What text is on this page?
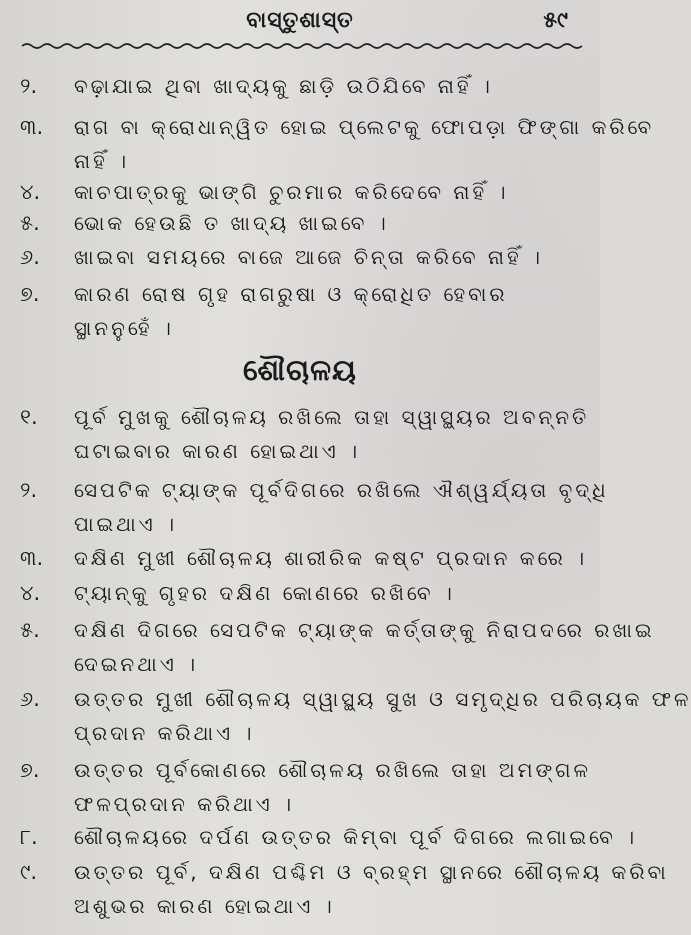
ବାସ୍ତୁଶାସ୍ତ	୫୯
୨.	ବଢ଼ାଯାଇ ଥିବା ଖାଦ୍ୟକୁ ଛାଡ଼ି ଉଠିଯିବେ ନାହିଁ ।
୩.	ରାଗ ବା କ୍ରୋଧାନ୍ୱିତ ହୋଇ ପ୍ଲେଟକୁ ଫୋପଡ଼ା ଫିଙ୍ଗା କରିବେ
ନାହିଁ ।
୪.	କାଚପାତ୍ରକୁ ଭାଙ୍ଗି ଚୁରମାର କରିଦେବେ ନାହିଁ ।
୫.	ଭୋକ ହେଉଛି ତ ଖାଦ୍ୟ ଖାଇବେ ।
୬.	ଖାଇବା ସମୟରେ ବାଜେ ଆଜେ ଚିନ୍ତା କରିବେ ନାହିଁ ।
୭.	କାରଣ ରୋଷ ଗୃହ ରାଗରୁଷା ଓ କ୍ରୋଧିତ ହେବାର
ସ୍ଥାନନୁହେଁ ।
ଶୌଚାଳୟ
୧.	ପୂର୍ବ ମୁଖକୁ ଶୌଚାଳୟ ରଖିଲେ ତାହା ସ୍ୱାସ୍ଥ୍ୟର ଅବନ୍ନତି
ଘଟାଇବାର କାରଣ ହୋଇଥାଏ ।
୨.	ସେପଟିକ ଟ୍ୟାଙ୍କ ପୂର୍ବଦିଗରେ ରଖିଲେ ଐଶ୍ୱର୍ଯ୍ୟତା ବୃଦ୍ଧି
ପାଇଥାଏ ।
୩.	ଦକ୍ଷିଣ ମୁଖୀ ଶୌଚାଳୟ ଶାରୀରିକ କଷ୍ଟ ପ୍ରଦାନ କରେ ।
୪.	ଟ୍ୟାନ୍‌କୁ ଗୃହର ଦକ୍ଷିଣ କୋଣରେ ରଖିବେ ।
୫.	ଦକ୍ଷିଣ ଦିଗରେ ସେପଟିକ ଟ୍ୟାଙ୍କ କର୍ତ୍ତାଙ୍କୁ ନିରାପଦରେ ରଖାଇ
ଦେଇନଥାଏ ।
୬.	ଉତ୍ତର ମୁଖୀ ଶୌଚାଳୟ ସ୍ୱାସ୍ଥ୍ୟ ସୁଖ ଓ ସମୃଦ୍ଧିର ପରିଚାୟକ ଫଳ
ପ୍ରଦାନ କରିଥାଏ ।
୭.	ଉତ୍ତର ପୂର୍ବକୋଣରେ ଶୌଚାଳୟ ରଖିଲେ ତାହା ଅମଙ୍ଗଳ
ଫଳପ୍ରଦାନ କରିଥାଏ ।
୮.	ଶୌଚାଳୟରେ ଦର୍ପଣ ଉତ୍ତର କିମ୍ବା ପୂର୍ବ ଦିଗରେ ଲଗାଇବେ ।
୯.	ଉତ୍ତର ପୂର୍ବ, ଦକ୍ଷିଣ ପଶ୍ଚିମ ଓ ବ୍ରହ୍ମ ସ୍ଥାନରେ ଶୌଚାଳୟ କରିବା
ଅଶୁଭର କାରଣ ହୋଇଥାଏ ।
